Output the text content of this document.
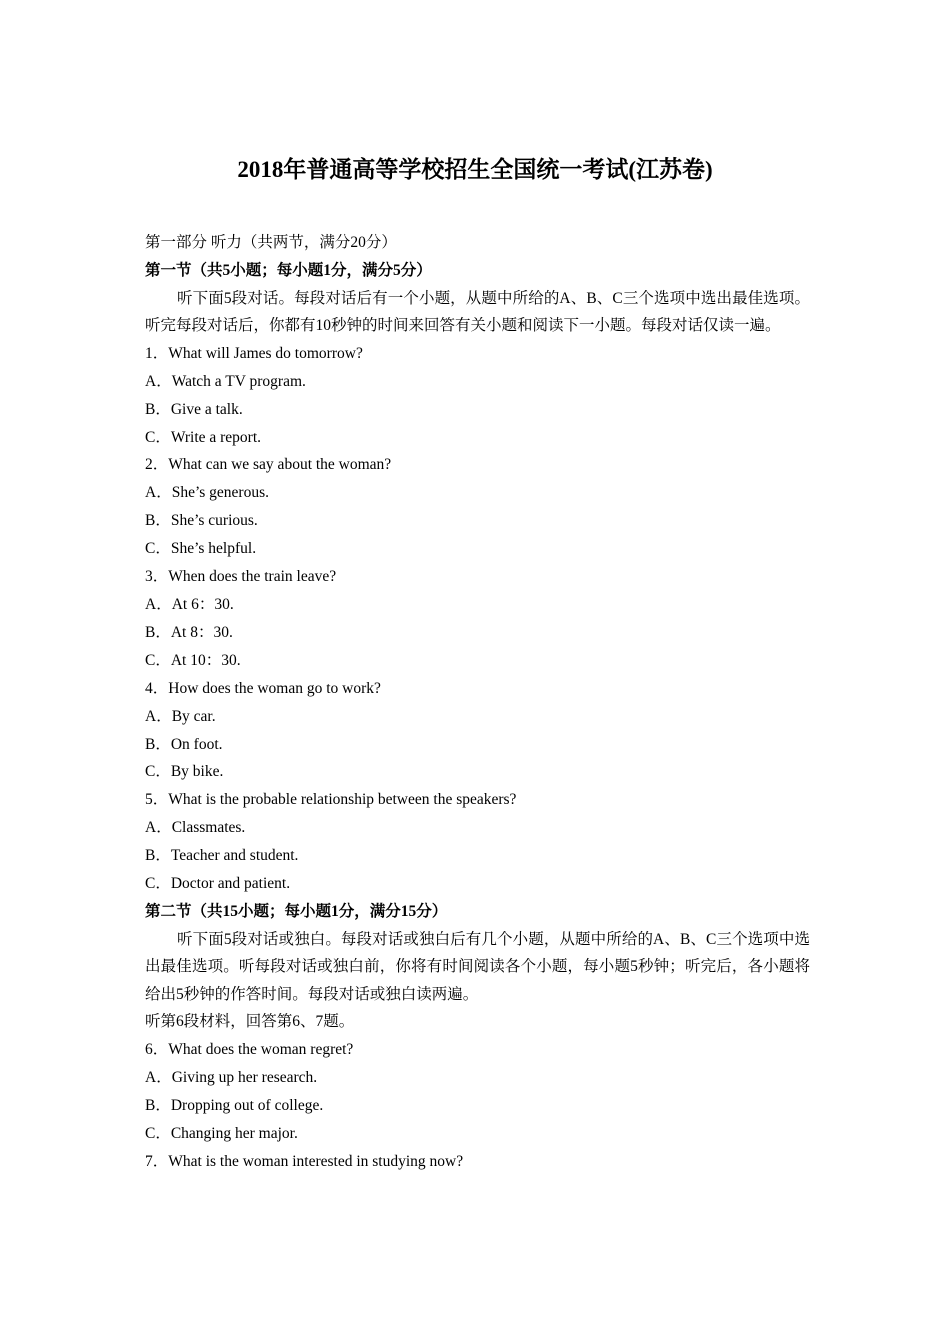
2018年普通高等学校招生全国统一考试(江苏卷)
第一部分 听力（共两节，满分20分）
第一节（共5小题；每小题1分，满分5分）

听下面5段对话。每段对话后有一个小题，从题中所给的A、B、C三个选项中选出最佳选项。听完每段对话后，你都有10秒钟的时间来回答有关小题和阅读下一小题。每段对话仅读一遍。

1．What will James do tomorrow?
A．Watch a TV program.
B．Give a talk.
C．Write a report.
2．What can we say about the woman?
A．She’s generous.
B．She’s curious.
C．She’s helpful.
3．When does the train leave?
A．At 6：30.
B．At 8：30.
C．At 10：30.
4．How does the woman go to work?
A．By car.
B．On foot.
C．By bike.
5．What is the probable relationship between the speakers?
A．Classmates.
B．Teacher and student.
C．Doctor and patient.
第二节（共15小题；每小题1分，满分15分）

听下面5段对话或独白。每段对话或独白后有几个小题，从题中所给的A、B、C三个选项中选出最佳选项。听每段对话或独白前，你将有时间阅读各个小题，每小题5秒钟；听完后，各小题将给出5秒钟的作答时间。每段对话或独白读两遍。

听第6段材料，回答第6、7题。
6．What does the woman regret?
A．Giving up her research.
B．Dropping out of college.
C．Changing her major.
7．What is the woman interested in studying now?
